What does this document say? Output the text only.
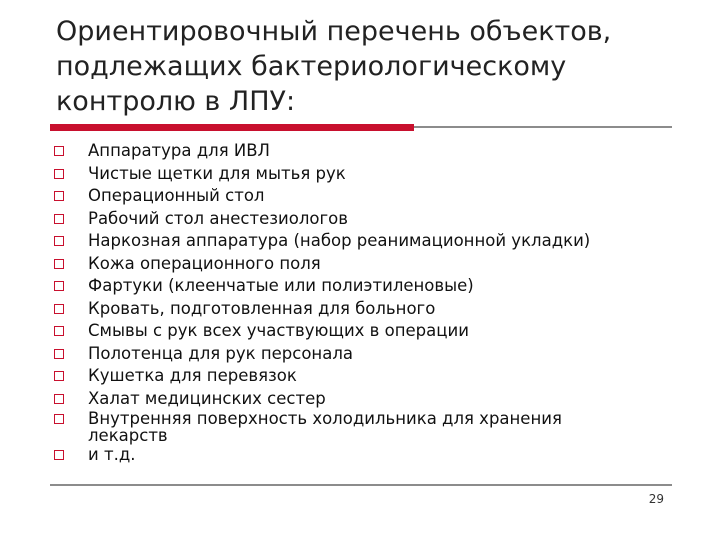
Ориентировочный перечень объектов,
подлежащих бактериологическому
контролю в ЛПУ:
Аппаратура для ИВЛ
Чистые щетки для мытья рук
Операционный стол
Рабочий стол анестезиологов
Наркозная аппаратура (набор реанимационной укладки)
Кожа операционного поля
Фартуки (клеенчатые или полиэтиленовые)
Кровать, подготовленная для больного
Смывы с рук всех участвующих в операции
Полотенца для рук персонала
Кушетка для перевязок
Халат медицинских сестер
Внутренняя поверхность холодильника для хранения
лекарств
и т.д.
29
